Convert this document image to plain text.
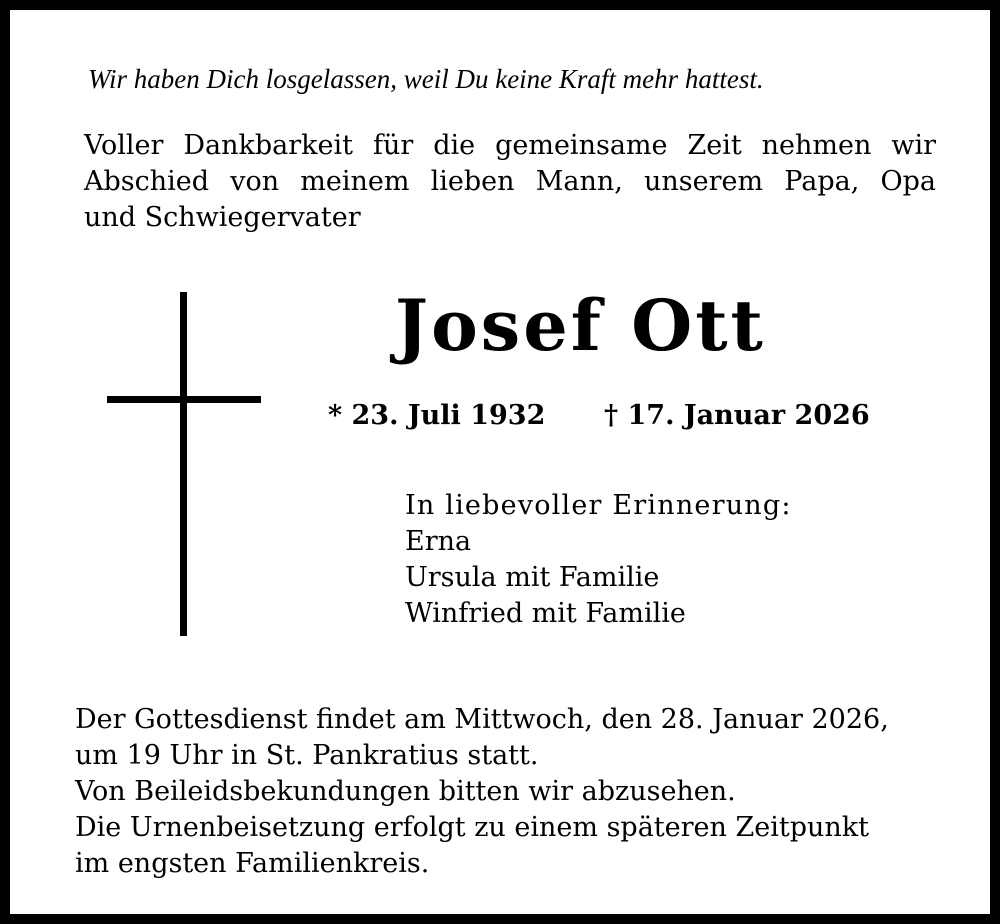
Wir haben Dich losgelassen, weil Du keine Kraft mehr hattest.
Voller Dankbarkeit für die gemeinsame Zeit nehmen wir
Abschied von meinem lieben Mann, unserem Papa, Opa
und Schwiegervater
Josef Ott
* 23. Juli 1932 † 17. Januar 2026
In liebevoller Erinnerung:
Erna
Ursula mit Familie
Winfried mit Familie
Der Gottesdienst findet am Mittwoch, den 28. Januar 2026,
um 19 Uhr in St. Pankratius statt.
Von Beileidsbekundungen bitten wir abzusehen.
Die Urnenbeisetzung erfolgt zu einem späteren Zeitpunkt
im engsten Familienkreis.
